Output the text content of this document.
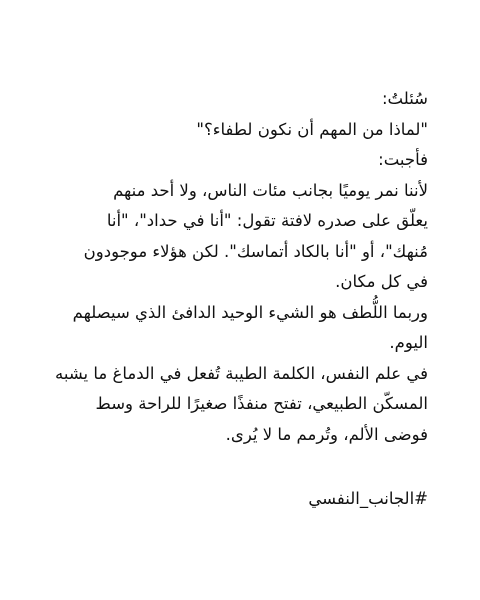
سُئلتُ:
"لماذا من المهم أن نكون لطفاء؟"
فأجبت:
لأننا نمر يوميًا بجانب مئات الناس، ولا أحد منهم
يعلّق على صدره لافتة تقول: "أنا في حداد"، "أنا
مُنهك"، أو "أنا بالكاد أتماسك". لكن هؤلاء موجودون
في كل مكان.
وربما اللُّطف هو الشيء الوحيد الدافئ الذي سيصلهم
اليوم.
في علم النفس، الكلمة الطيبة تُفعل في الدماغ ما يشبه
المسكّن الطبيعي، تفتح منفذًا صغيرًا للراحة وسط
فوضى الألم، وتُرمم ما لا يُرى.
#الجانب_النفسي
